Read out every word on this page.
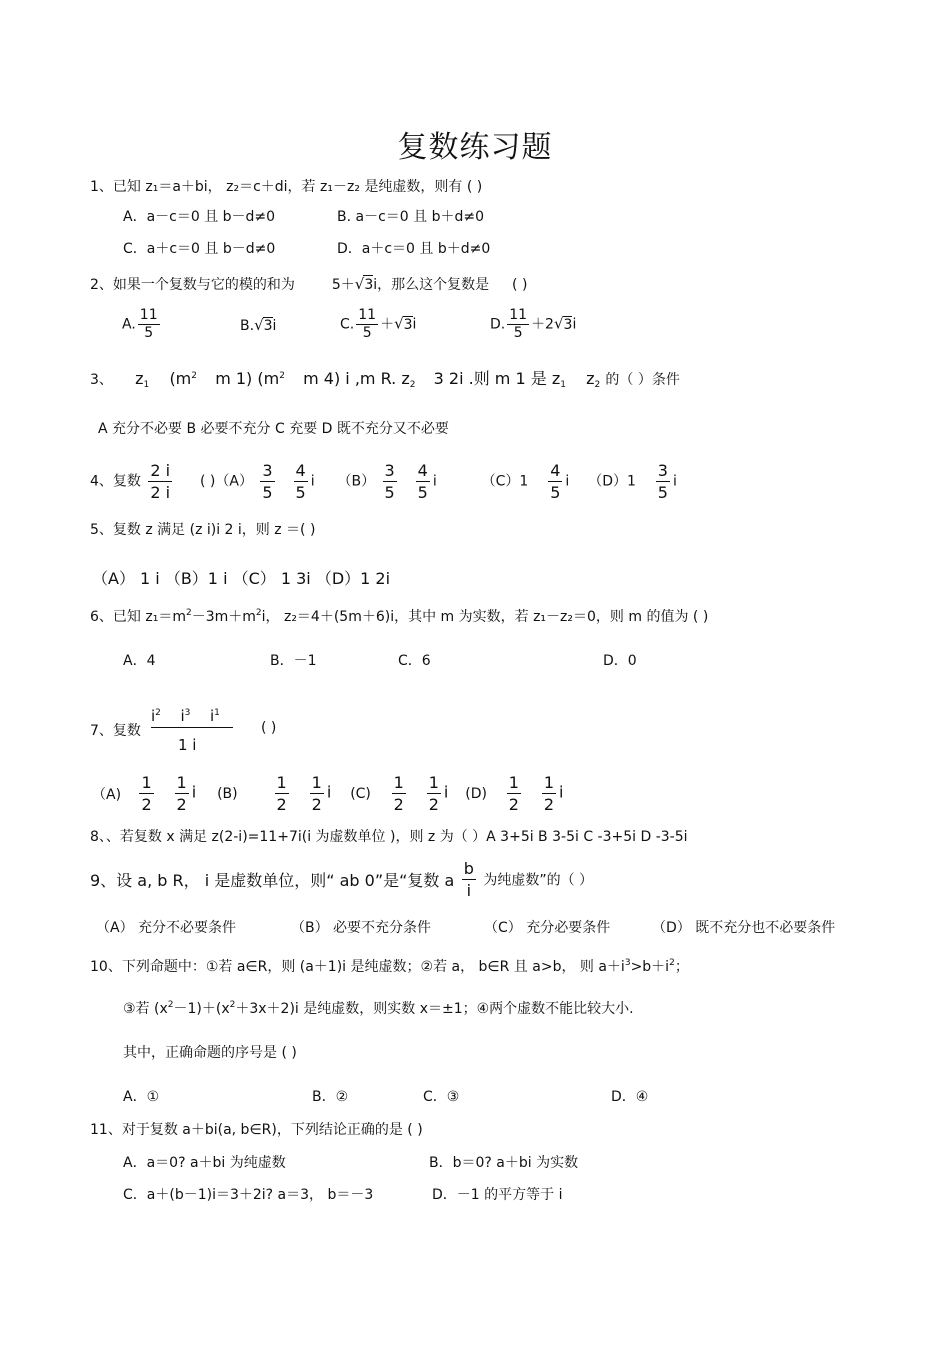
复数练习题
1、已知 z₁＝a＋bi， z₂＝c＋di，若 z₁－z₂ 是纯虚数，则有 ( )
A．a－c＝0 且 b－d≠0	B. a－c＝0 且 b＋d≠0
C．a＋c＝0 且 b－d≠0	D．a＋c＝0 且 b＋d≠0
2、如果一个复数与它的模的和为	5＋√3i，那么这个复数是 ( )
A. $\frac{11}{5}$	B.√3i	C. $\frac{11}{5} +√3i$	D. $\frac{11}{5} +2√3i$
3、 $z_1$ ($m^2$ m 1) ($m^2$ m 4) i ,m R. $z_2$ 3 2i .则 m 1 是 $z_1$ $z_2$ 的（ ）条件
A 充分不必要 B 必要不充分 C 充要 D 既不充分又不必要
4、复数 $\frac{2 i}{2 i}$ ( )$(A) \frac{3}{5}$
$\frac{4}{5}$ i $(B) \frac{3}{5}$
$\frac{4}{5}$ i	$(C)1 \frac{4}{5}$ i $(D)1 \frac{3}{5}$ i
5、复数 z 满足 (z i)i 2 i，则 z ＝( )
（A） 1 i （B）1 i （C） 1 3i （D）1 2i
6、已知 $z_1=m^2-3m+m^2i$， z₂＝4＋(5m＋6)i，其中 m 为实数，若 z₁－z₂＝0，则 m 的值为 ( )
A．4	B．－1	C．6	D．0
7、复数
$i^2$ $i^3$ $i^1$
1 i
( )
$(A) \frac{1}{2}$
$\frac{1}{2}$ i $(B) \frac{1}{2}$
$\frac{1}{2}$ i $(C) \frac{1}{2}$
$\frac{1}{2}$ i $(D) \frac{1}{2}$
$\frac{1}{2}$ i
8、、若复数 x 满足 z(2-i)=11+7i(i 为虚数单位 )，则 z 为（ ）A 3+5i B 3-5i C -3+5i D -3-5i
9、设 a, b R， i 是虚数单位，则“ ab 0”是“复数 a $\frac{b}{i}$ 为纯虚数”的（ ）
（A） 充分不必要条件	（B） 必要不充分条件	（C） 充分必要条件	（D） 既不充分也不必要条件
10、下列命题中：①若 a∈R，则 (a＋1)i 是纯虚数；②若 a， b∈R 且 a>b， 则 $a+i^3>b+i^2$；
③若 $(x^2-1)+(x^2+3x+2)i$ 是纯虚数，则实数 x＝±1；④两个虚数不能比较大小.
其中，正确命题的序号是 ( )
A．①	B．②	C．③	D．④
11、对于复数 a＋bi(a, b∈R)，下列结论正确的是 ( )
A．a＝0? a＋bi 为纯虚数	B．b＝0? a＋bi 为实数
C．a＋(b－1)i＝3＋2i? a＝3， b＝－3	D．－1 的平方等于 i
